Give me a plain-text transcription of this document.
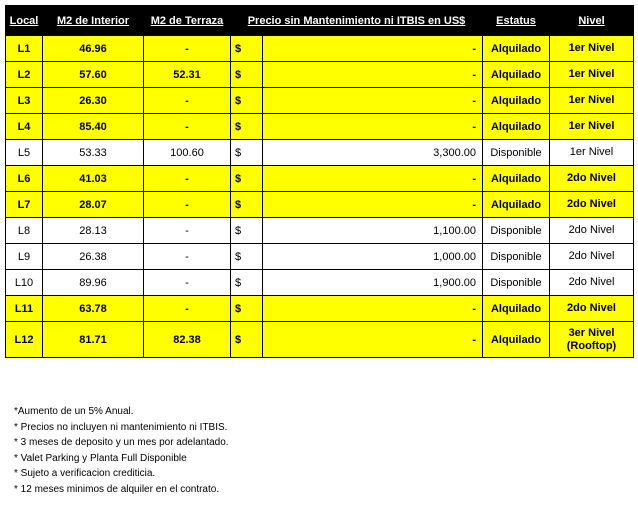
Local	M2 de Interior	M2 de Terraza	Precio sin Mantenimiento ni ITBIS en US$		Estatus	Nivel
L1	46.96	-	$	-	Alquilado	1er Nivel
L2	57.60	52.31	$	-	Alquilado	1er Nivel
L3	26.30	-	$	-	Alquilado	1er Nivel
L4	85.40	-	$	-	Alquilado	1er Nivel
L5	53.33	100.60	$	3,300.00	Disponible	1er Nivel
L6	41.03	-	$	-	Alquilado	2do Nivel
L7	28.07	-	$	-	Alquilado	2do Nivel
L8	28.13	-	$	1,100.00	Disponible	2do Nivel
L9	26.38	-	$	1,000.00	Disponible	2do Nivel
L10	89.96	-	$	1,900.00	Disponible	2do Nivel
L11	63.78	-	$	-	Alquilado	2do Nivel
L12	81.71	82.38	$	-	Alquilado	3er Nivel (Rooftop)
*Aumento de un 5% Anual.
* Precios no incluyen ni mantenimiento ni ITBIS.
* 3 meses de deposito y un mes por adelantado.
* Valet Parking y Planta Full Disponible
* Sujeto a verificacion crediticia.
* 12 meses minimos de alquiler en el contrato.
